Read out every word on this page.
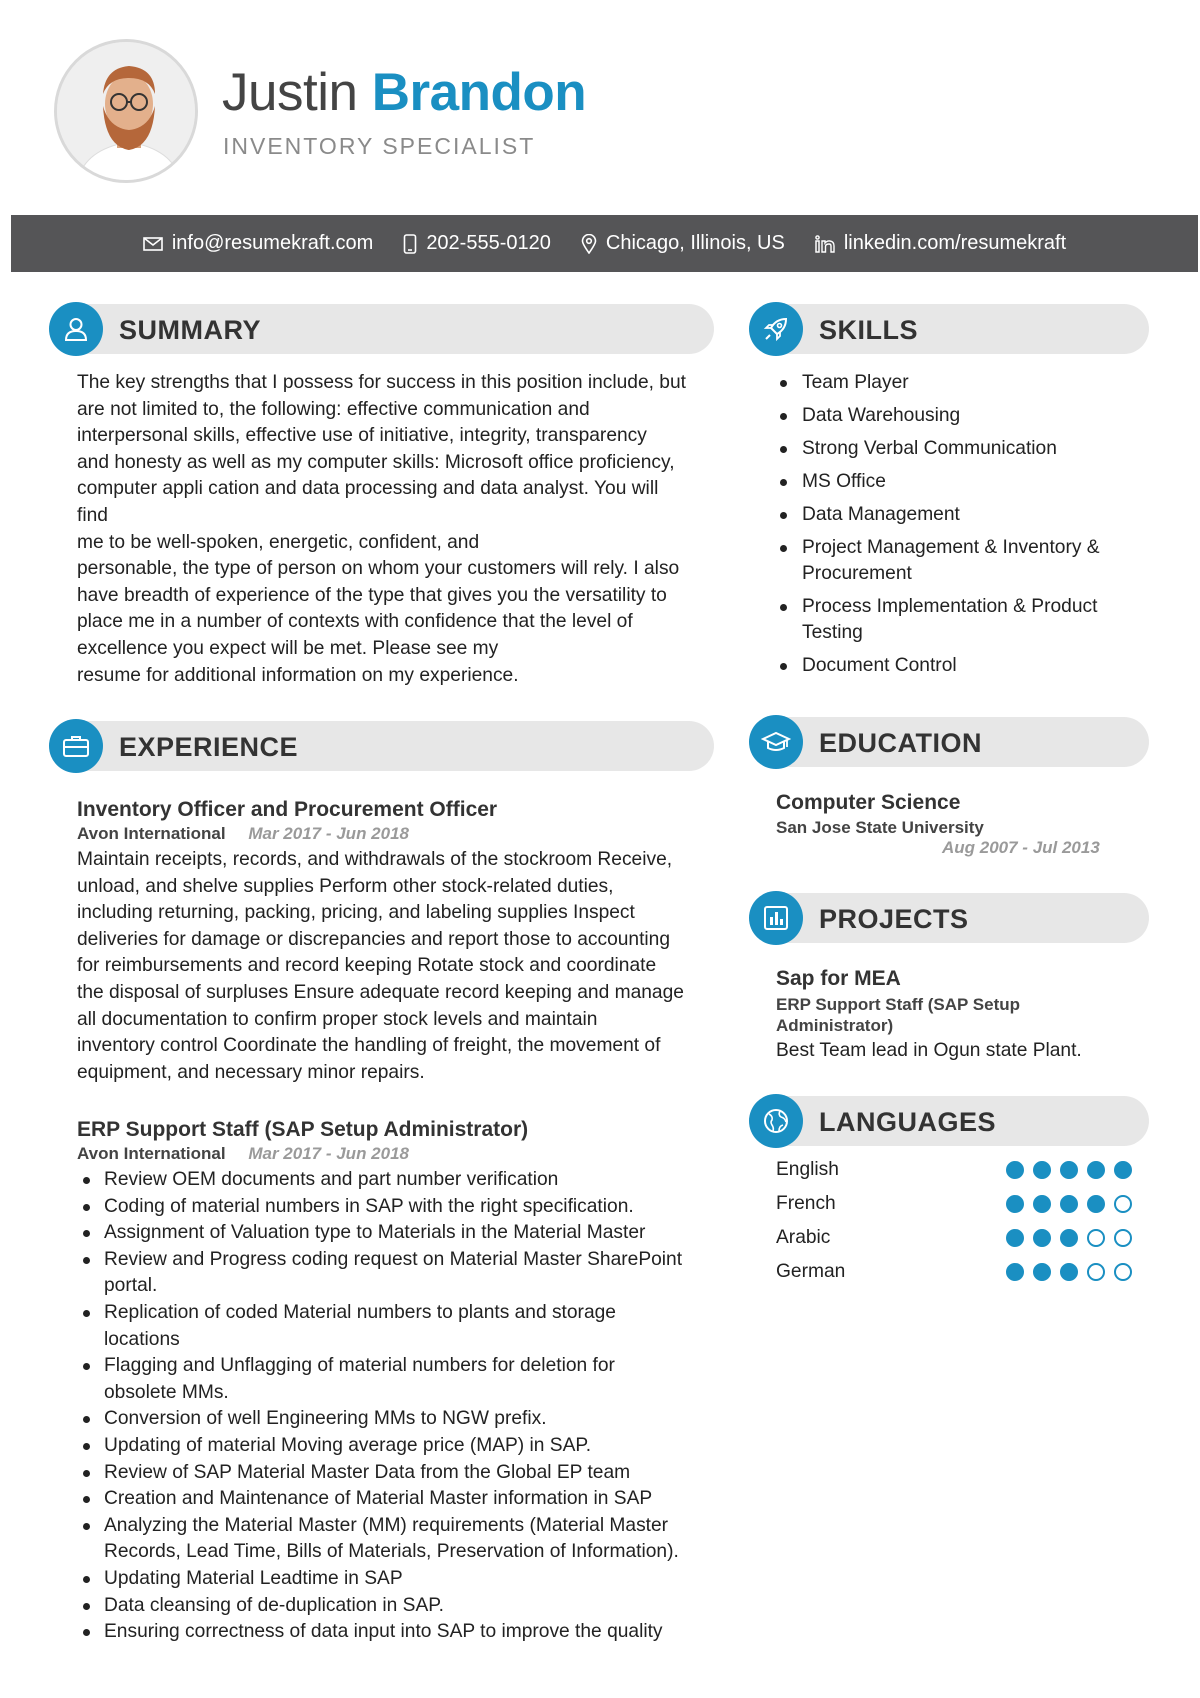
Justin Brandon
INVENTORY SPECIALIST
info@resumekraft.com	202-555-0120	Chicago, Illinois, US	linkedin.com/resumekraft
SUMMARY
The key strengths that I possess for success in this position include, but
are not limited to, the following: effective communication and
interpersonal skills, effective use of initiative, integrity, transparency
and honesty as well as my computer skills: Microsoft office proficiency,
computer appli cation and data processing and data analyst. You will
find
me to be well-spoken, energetic, confident, and
personable, the type of person on whom your customers will rely. I also
have breadth of experience of the type that gives you the versatility to
place me in a number of contexts with confidence that the level of
excellence you expect will be met. Please see my
resume for additional information on my experience.
EXPERIENCE
Inventory Officer and Procurement Officer
Avon International Mar 2017 - Jun 2018
Maintain receipts, records, and withdrawals of the stockroom Receive,
unload, and shelve supplies Perform other stock-related duties,
including returning, packing, pricing, and labeling supplies Inspect
deliveries for damage or discrepancies and report those to accounting
for reimbursements and record keeping Rotate stock and coordinate
the disposal of surpluses Ensure adequate record keeping and manage
all documentation to confirm proper stock levels and maintain
inventory control Coordinate the handling of freight, the movement of
equipment, and necessary minor repairs.
ERP Support Staff (SAP Setup Administrator)
Avon International Mar 2017 - Jun 2018
Review OEM documents and part number verification
Coding of material numbers in SAP with the right specification.
Assignment of Valuation type to Materials in the Material Master
Review and Progress coding request on Material Master SharePoint
portal.
Replication of coded Material numbers to plants and storage
locations
Flagging and Unflagging of material numbers for deletion for
obsolete MMs.
Conversion of well Engineering MMs to NGW prefix.
Updating of material Moving average price (MAP) in SAP.
Review of SAP Material Master Data from the Global EP team
Creation and Maintenance of Material Master information in SAP
Analyzing the Material Master (MM) requirements (Material Master
Records, Lead Time, Bills of Materials, Preservation of Information).
Updating Material Leadtime in SAP
Data cleansing of de-duplication in SAP.
Ensuring correctness of data input into SAP to improve the quality
SKILLS
Team Player
Data Warehousing
Strong Verbal Communication
MS Office
Data Management
Project Management & Inventory &
Procurement
Process Implementation & Product
Testing
Document Control
EDUCATION
Computer Science
San Jose State University
Aug 2007 - Jul 2013
PROJECTS
Sap for MEA
ERP Support Staff (SAP Setup
Administrator)
Best Team lead in Ogun state Plant.
LANGUAGES
English
French
Arabic
German
